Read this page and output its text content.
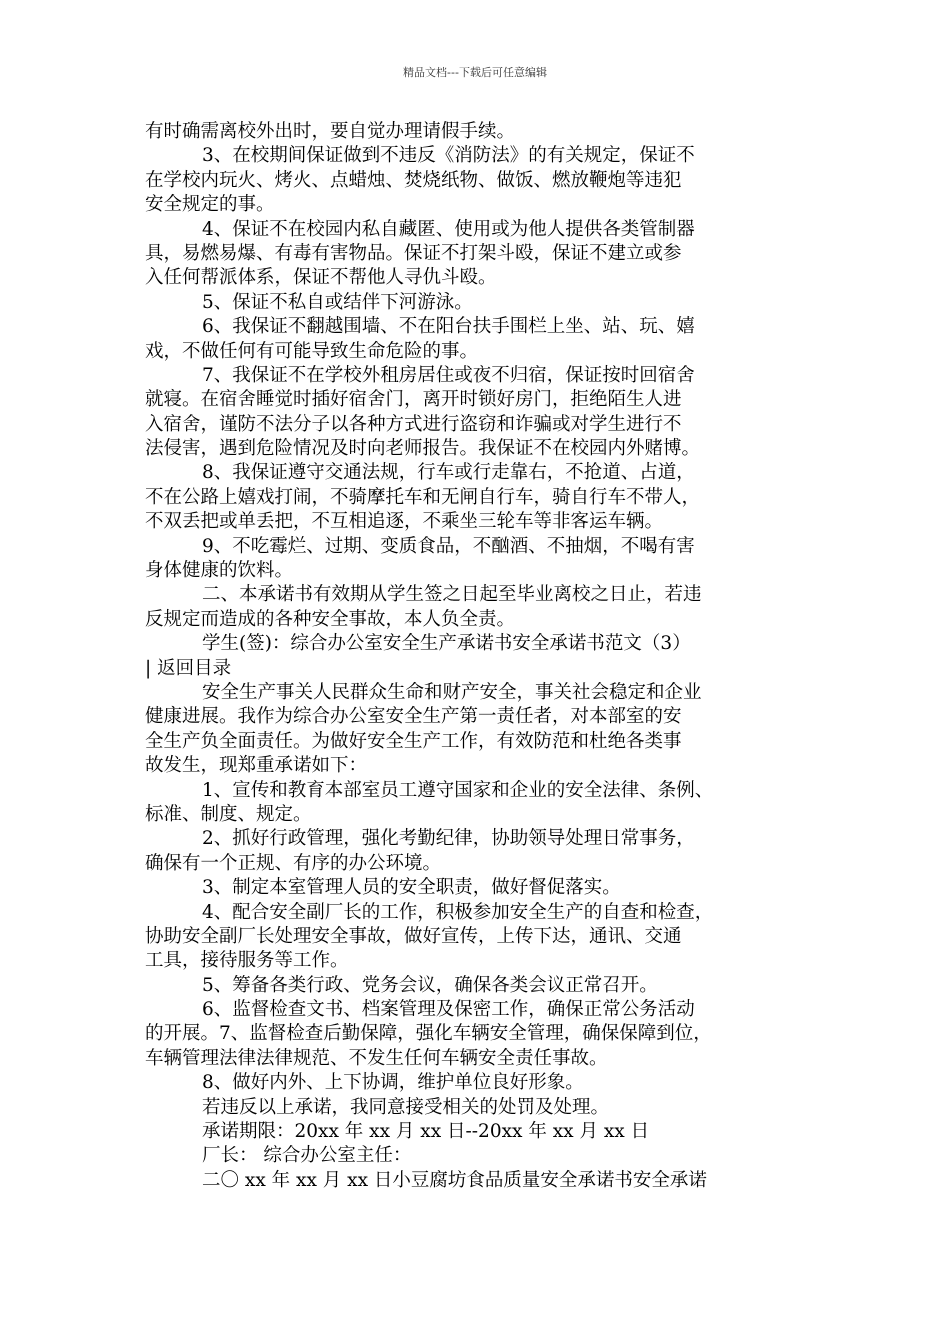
精品文档---下载后可任意编辑
有时确需离校外出时，要自觉办理请假手续。
3、在校期间保证做到不违反《消防法》的有关规定，保证不
在学校内玩火、烤火、点蜡烛、焚烧纸物、做饭、燃放鞭炮等违犯
安全规定的事。
4、保证不在校园内私自藏匿、使用或为他人提供各类管制器
具，易燃易爆、有毒有害物品。保证不打架斗殴，保证不建立或参
入任何帮派体系，保证不帮他人寻仇斗殴。
5、保证不私自或结伴下河游泳。
6、我保证不翻越围墙、不在阳台扶手围栏上坐、站、玩、嬉
戏，不做任何有可能导致生命危险的事。
7、我保证不在学校外租房居住或夜不归宿，保证按时回宿舍
就寝。在宿舍睡觉时插好宿舍门，离开时锁好房门，拒绝陌生人进
入宿舍，谨防不法分子以各种方式进行盗窃和诈骗或对学生进行不
法侵害，遇到危险情况及时向老师报告。我保证不在校园内外赌博。
8、我保证遵守交通法规，行车或行走靠右，不抢道、占道，
不在公路上嬉戏打闹，不骑摩托车和无闸自行车，骑自行车不带人，
不双丢把或单丢把，不互相追逐，不乘坐三轮车等非客运车辆。
9、不吃霉烂、过期、变质食品，不酗酒、不抽烟，不喝有害
身体健康的饮料。
二、本承诺书有效期从学生签之日起至毕业离校之日止，若违
反规定而造成的各种安全事故，本人负全责。
学生(签)：综合办公室安全生产承诺书安全承诺书范文（3）
| 返回目录
安全生产事关人民群众生命和财产安全，事关社会稳定和企业
健康进展。我作为综合办公室安全生产第一责任者，对本部室的安
全生产负全面责任。为做好安全生产工作，有效防范和杜绝各类事
故发生，现郑重承诺如下：
1、宣传和教育本部室员工遵守国家和企业的安全法律、条例、
标准、制度、规定。
2、抓好行政管理，强化考勤纪律，协助领导处理日常事务，
确保有一个正规、有序的办公环境。
3、制定本室管理人员的安全职责，做好督促落实。
4、配合安全副厂长的工作，积极参加安全生产的自查和检查，
协助安全副厂长处理安全事故，做好宣传，上传下达，通讯、交通
工具，接待服务等工作。
5、筹备各类行政、党务会议，确保各类会议正常召开。
6、监督检查文书、档案管理及保密工作，确保正常公务活动
的开展。7、监督检查后勤保障，强化车辆安全管理，确保保障到位，
车辆管理法律法律规范、不发生任何车辆安全责任事故。
8、做好内外、上下协调，维护单位良好形象。
若违反以上承诺，我同意接受相关的处罚及处理。
承诺期限：20xx 年 xx 月 xx 日--20xx 年 xx 月 xx 日
厂长： 综合办公室主任：
二〇 xx 年 xx 月 xx 日小豆腐坊食品质量安全承诺书安全承诺
